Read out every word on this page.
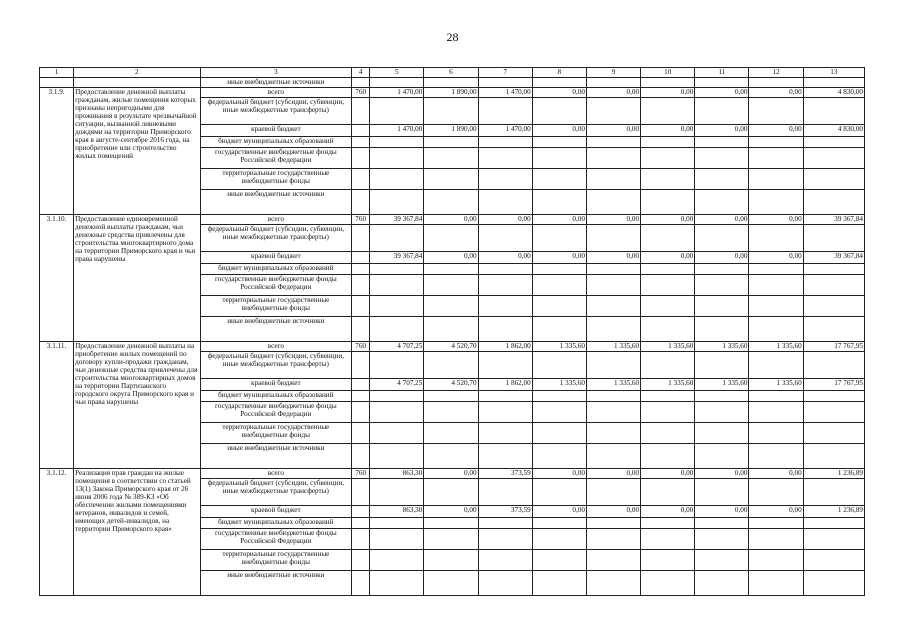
28
1	2	3	4	5	6	7	8	9	10	11	12	13
		иные внебюджетные источники										
3.1.9.	Предоставление денежной выплаты гражданам, жилые помещения которых признаны непригодными для проживания в результате чрезвычайной ситуации, вызванной ливневыми дождями на территории Приморского края в августе-сентябре 2016 года, на приобретение или строительство жилых помещений	всего	760	1 470,00	1 890,00	1 470,00	0,00	0,00	0,00	0,00	0,00	4 830,00
		федеральный бюджет (субсидии, субвенции, иные межбюджетные трансферты)										
		краевой бюджет		1 470,00	1 890,00	1 470,00	0,00	0,00	0,00	0,00	0,00	4 830,00
		бюджет муниципальных образований										
		государственные внебюджетные фонды Российской Федерации										
		территориальные государственные внебюджетные фонды										
		иные внебюджетные источники										
3.1.10.	Предоставление единовременной денежной выплаты гражданам, чьи денежные средства привлечены для строительства многоквартирного дома на территории Приморского края и чьи права нарушены	всего	760	39 367,84	0,00	0,00	0,00	0,00	0,00	0,00	0,00	39 367,84
		федеральный бюджет (субсидии, субвенции, иные межбюджетные трансферты)										
		краевой бюджет		39 367,84	0,00	0,00	0,00	0,00	0,00	0,00	0,00	39 367,84
		бюджет муниципальных образований										
		государственные внебюджетные фонды Российской Федерации										
		территориальные государственные внебюджетные фонды										
		иные внебюджетные источники										
3.1.11.	Предоставление денежной выплаты на приобретение жилых помещений по договору купли-продажи гражданам, чьи денежные средства привлечены для строительства многоквартирных домов на территории Партизанского городского округа Приморского края и чьи права нарушены	всего	760	4 707,25	4 520,70	1 862,00	1 335,60	1 335,60	1 335,60	1 335,60	1 335,60	17 767,95
		федеральный бюджет (субсидии, субвенции, иные межбюджетные трансферты)										
		краевой бюджет		4 707,25	4 520,70	1 862,00	1 335,60	1 335,60	1 335,60	1 335,60	1 335,60	17 767,95
		бюджет муниципальных образований										
		государственные внебюджетные фонды Российской Федерации										
		территориальные государственные внебюджетные фонды										
		иные внебюджетные источники										
3.1.12.	Реализация прав граждан на жилые помещения в соответствии со статьей 13(1) Закона Приморского края от 26 июня 2006 года № 389-КЗ «Об обеспечении жилыми помещениями ветеранов, инвалидов и семей, имеющих детей-инвалидов, на территории Приморского края»	всего	760	863,30	0,00	373,59	0,00	0,00	0,00	0,00	0,00	1 236,89
		федеральный бюджет (субсидии, субвенции, иные межбюджетные трансферты)										
		краевой бюджет		863,30	0,00	373,59	0,00	0,00	0,00	0,00	0,00	1 236,89
		бюджет муниципальных образований										
		государственные внебюджетные фонды Российской Федерации										
		территориальные государственные внебюджетные фонды										
		иные внебюджетные источники										
